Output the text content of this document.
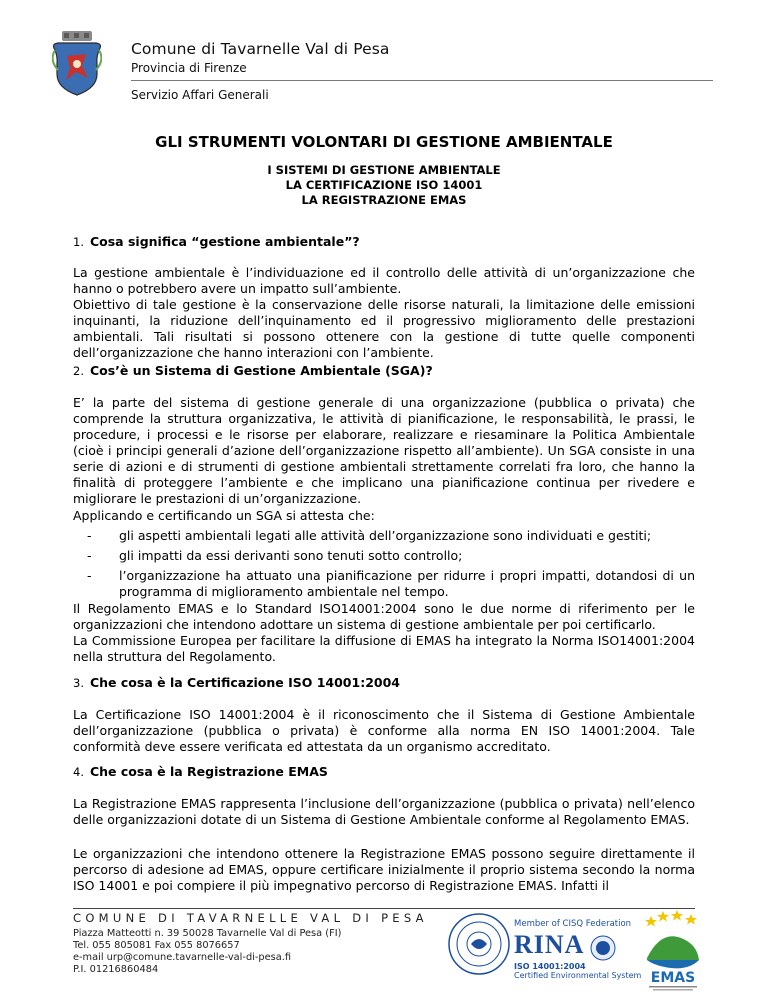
Comune di Tavarnelle Val di Pesa
Provincia di Firenze
Servizio Affari Generali
GLI STRUMENTI VOLONTARI DI GESTIONE AMBIENTALE
I SISTEMI DI GESTIONE AMBIENTALE
LA CERTIFICAZIONE ISO 14001
LA REGISTRAZIONE EMAS
1. Cosa significa “gestione ambientale”?

La gestione ambientale è l’individuazione ed il controllo delle attività di un’organizzazione che hanno o potrebbero avere un impatto sull’ambiente.

Obiettivo di tale gestione è la conservazione delle risorse naturali, la limitazione delle emissioni inquinanti, la riduzione dell’inquinamento ed il progressivo miglioramento delle prestazioni ambientali. Tali risultati si possono ottenere con la gestione di tutte quelle componenti dell’organizzazione che hanno interazioni con l’ambiente.

2. Cos’è un Sistema di Gestione Ambientale (SGA)?

E’ la parte del sistema di gestione generale di una organizzazione (pubblica o privata) che comprende la struttura organizzativa, le attività di pianificazione, le responsabilità, le prassi, le procedure, i processi e le risorse per elaborare, realizzare e riesaminare la Politica Ambientale (cioè i principi generali d’azione dell’organizzazione rispetto all’ambiente). Un SGA consiste in una serie di azioni e di strumenti di gestione ambientali strettamente correlati fra loro, che hanno la finalità di proteggere l’ambiente e che implicano una pianificazione continua per rivedere e migliorare le prestazioni di un’organizzazione.

Applicando e certificando un SGA si attesta che:

- gli aspetti ambientali legati alle attività dell’organizzazione sono individuati e gestiti;
- gli impatti da essi derivanti sono tenuti sotto controllo;
- l’organizzazione ha attuato una pianificazione per ridurre i propri impatti, dotandosi di un programma di miglioramento ambientale nel tempo.

Il Regolamento EMAS e lo Standard ISO14001:2004 sono le due norme di riferimento per le organizzazioni che intendono adottare un sistema di gestione ambientale per poi certificarlo.

La Commissione Europea per facilitare la diffusione di EMAS ha integrato la Norma ISO14001:2004 nella struttura del Regolamento.

3. Che cosa è la Certificazione ISO 14001:2004

La Certificazione ISO 14001:2004 è il riconoscimento che il Sistema di Gestione Ambientale dell’organizzazione (pubblica o privata) è conforme alla norma EN ISO 14001:2004. Tale conformità deve essere verificata ed attestata da un organismo accreditato.

4. Che cosa è la Registrazione EMAS

La Registrazione EMAS rappresenta l’inclusione dell’organizzazione (pubblica o privata) nell’elenco delle organizzazioni dotate di un Sistema di Gestione Ambientale conforme al Regolamento EMAS.

Le organizzazioni che intendono ottenere la Registrazione EMAS possono seguire direttamente il percorso di adesione ad EMAS, oppure certificare inizialmente il proprio sistema secondo la norma ISO 14001 e poi compiere il più impegnativo percorso di Registrazione EMAS. Infatti il

COMUNE DI TAVARNELLE VAL DI PESA
Piazza Matteotti n. 39 50028 Tavarnelle Val di Pesa (FI)
Tel. 055 805081 Fax 055 8076657
e-mail urp@comune.tavarnelle-val-di-pesa.fi
P.I. 01216860484
Member of CISQ Federation
RINA
ISO 14001:2004
Certified Environmental System EMAS
